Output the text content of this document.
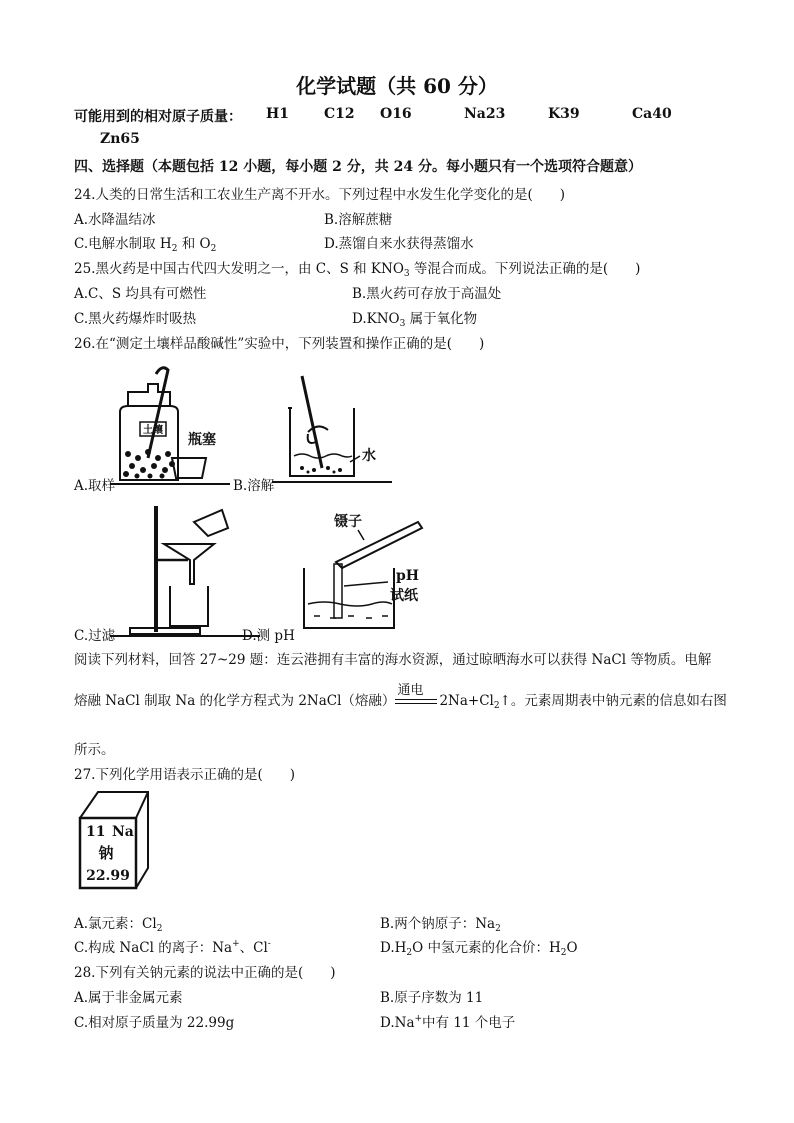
化学试题（共 60 分）
可能用到的相对原子质量： H1	C12 O16	Na23	K39	Ca40
Zn65
四、选择题（本题包括 12 小题，每小题 2 分，共 24 分。每小题只有一个选项符合题意）
24.人类的日常生活和工农业生产离不开水。下列过程中水发生化学变化的是(　　)
A.水降温结冰	B.溶解蔗糖
C.电解水制取 $H_2$ 和 $O_2$	D.蒸馏自来水获得蒸馏水
25.黑火药是中国古代四大发明之一，由 C、S 和 $KNO_3$ 等混合而成。下列说法正确的是(　　)
A.C、S 均具有可燃性	B.黑火药可存放于高温处
C.黑火药爆炸时吸热	$D.KNO_3$ 属于氧化物
26.在“测定土壤样品酸碱性”实验中，下列装置和操作正确的是(　　)
土壤
瓶塞
A.取样
水
B.溶解
C.过滤
镊子
pH
试纸
D.测 pH
阅读下列材料，回答 27~29 题：连云港拥有丰富的海水资源，通过晾晒海水可以获得 NaCl 等物质。电解
熔融 NaCl 制取 Na 的化学方程式为 2NaCl（熔融）
通电
$2Na+Cl_2↑$。元素周期表中钠元素的信息如右图
所示。
27.下列化学用语表示正确的是(　　)
11 Na
钠
22.99
A.氯元素：$Cl_2$	B.两个钠原子：$Na_2$
C.构成 NaCl 的离子：Na+、Cl-	$D.H_2O$ 中氢元素的化合价：$H_2O$
28.下列有关钠元素的说法中正确的是(　　)
A.属于非金属元素	B.原子序数为 11
C.相对原子质量为 22.99g	D.Na+中有 11 个电子
